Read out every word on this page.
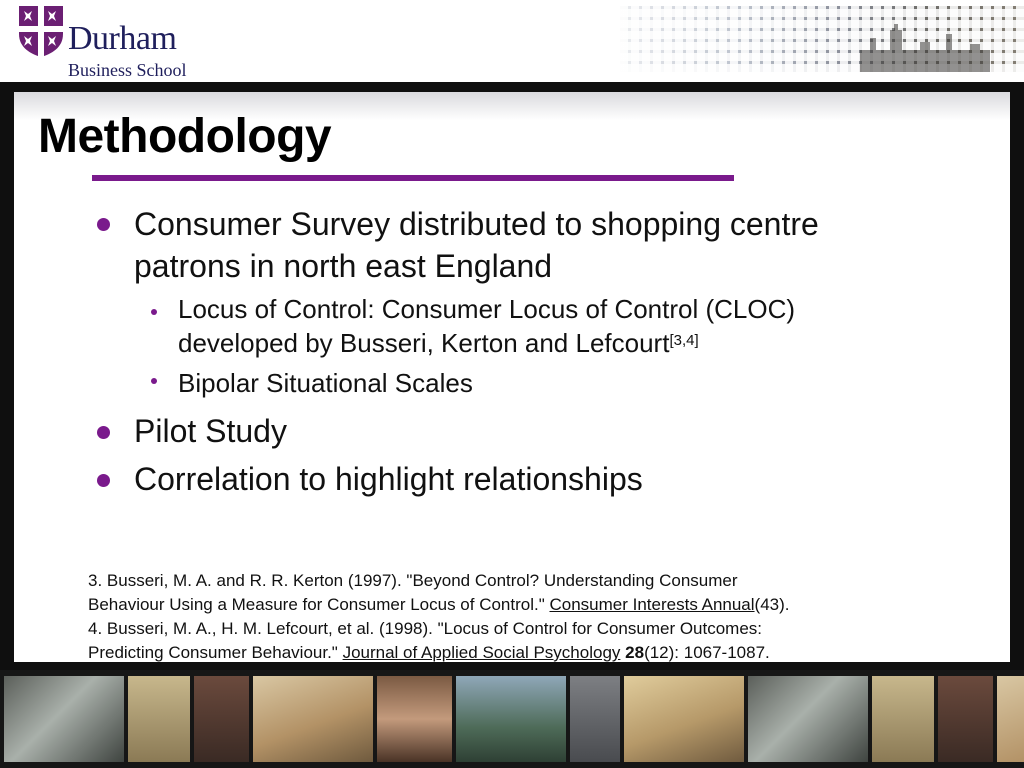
Durham
Business School
Methodology
Consumer Survey distributed to shopping centre
patrons in north east England
Locus of Control: Consumer Locus of Control (CLOC)
developed by Busseri, Kerton and Lefcourt[3,4]
Bipolar Situational Scales
Pilot Study
Correlation to highlight relationships
3. Busseri, M. A. and R. R. Kerton (1997). "Beyond Control? Understanding Consumer
Behaviour Using a Measure for Consumer Locus of Control." Consumer Interests Annual(43).
4. Busseri, M. A., H. M. Lefcourt, et al. (1998). "Locus of Control for Consumer Outcomes:
Predicting Consumer Behaviour." Journal of Applied Social Psychology 28(12): 1067-1087.
